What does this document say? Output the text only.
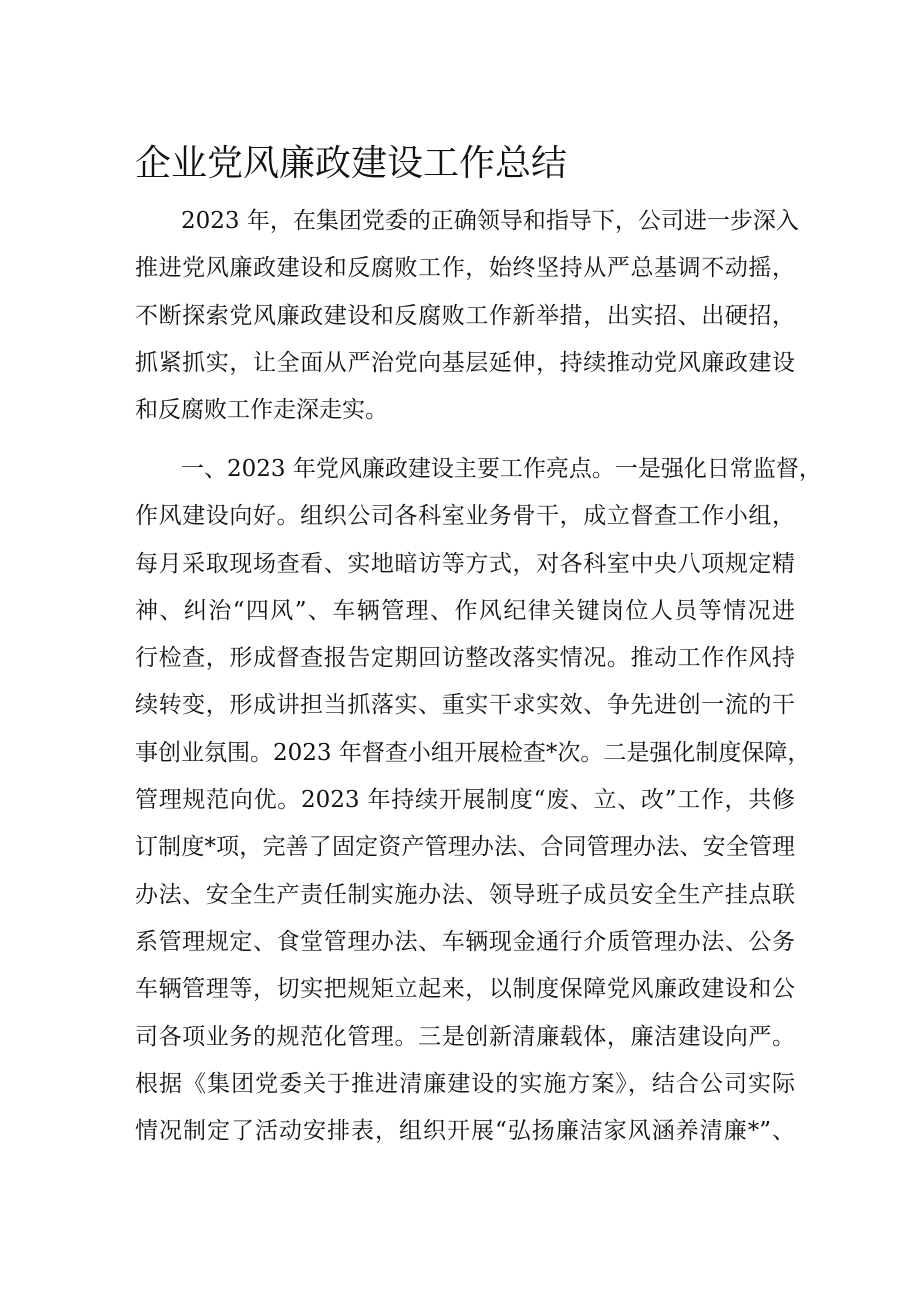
企业党风廉政建设工作总结
　　2023 年，在集团党委的正确领导和指导下，公司进一步深入
推进党风廉政建设和反腐败工作，始终坚持从严总基调不动摇，
不断探索党风廉政建设和反腐败工作新举措，出实招、出硬招，
抓紧抓实，让全面从严治党向基层延伸，持续推动党风廉政建设
和反腐败工作走深走实。
　　一、2023 年党风廉政建设主要工作亮点。一是强化日常监督，
作风建设向好。组织公司各科室业务骨干，成立督查工作小组，
每月采取现场查看、实地暗访等方式，对各科室中央八项规定精
神、纠治“四风”、车辆管理、作风纪律关键岗位人员等情况进
行检查，形成督查报告定期回访整改落实情况。推动工作作风持
续转变，形成讲担当抓落实、重实干求实效、争先进创一流的干
事创业氛围。2023 年督查小组开展检查*次。二是强化制度保障，
管理规范向优。2023 年持续开展制度“废、立、改”工作，共修
订制度*项，完善了固定资产管理办法、合同管理办法、安全管理
办法、安全生产责任制实施办法、领导班子成员安全生产挂点联
系管理规定、食堂管理办法、车辆现金通行介质管理办法、公务
车辆管理等，切实把规矩立起来，以制度保障党风廉政建设和公
司各项业务的规范化管理。三是创新清廉载体，廉洁建设向严。
根据《集团党委关于推进清廉建设的实施方案》，结合公司实际
情况制定了活动安排表，组织开展“弘扬廉洁家风涵养清廉*”、
